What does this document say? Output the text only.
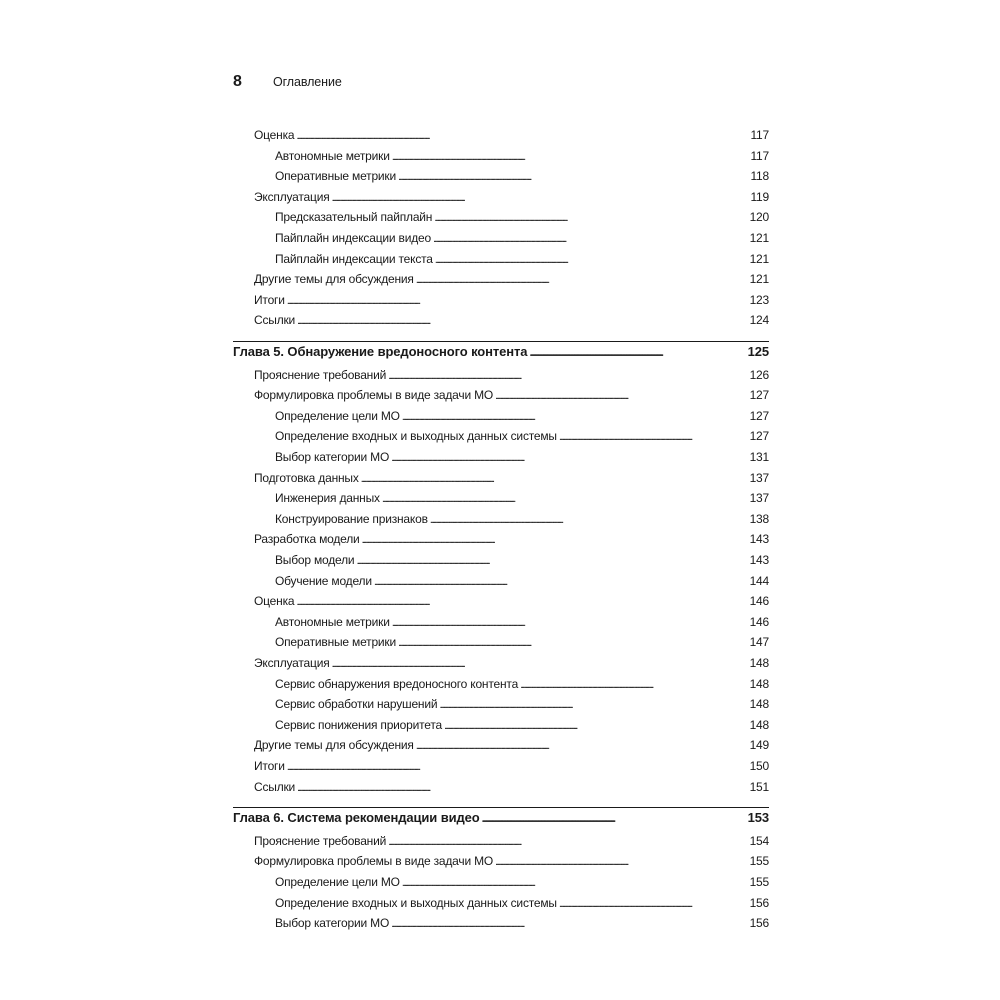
8	Оглавление
Оценка . . .	117
Автономные метрики . . .	117
Оперативные метрики . . .	118
Эксплуатация . . .	119
Предсказательный пайплайн . . .	120
Пайплайн индексации видео . . .	121
Пайплайн индексации текста . . .	121
Другие темы для обсуждения . . .	121
Итоги . . .	123
Ссылки . . .	124
Глава 5. Обнаружение вредоносного контента . . .	125
Прояснение требований . . .	126
Формулировка проблемы в виде задачи МО . . .	127
Определение цели МО . . .	127
Определение входных и выходных данных системы . . .	127
Выбор категории МО . . .	131
Подготовка данных . . .	137
Инженерия данных . . .	137
Конструирование признаков . . .	138
Разработка модели . . .	143
Выбор модели . . .	143
Обучение модели . . .	144
Оценка . . .	146
Автономные метрики . . .	146
Оперативные метрики . . .	147
Эксплуатация . . .	148
Сервис обнаружения вредоносного контента . . .	148
Сервис обработки нарушений . . .	148
Сервис понижения приоритета . . .	148
Другие темы для обсуждения . . .	149
Итоги . . .	150
Ссылки . . .	151
Глава 6. Система рекомендации видео . . .	153
Прояснение требований . . .	154
Формулировка проблемы в виде задачи МО . . .	155
Определение цели МО . . .	155
Определение входных и выходных данных системы . . .	156
Выбор категории МО . . .	156
